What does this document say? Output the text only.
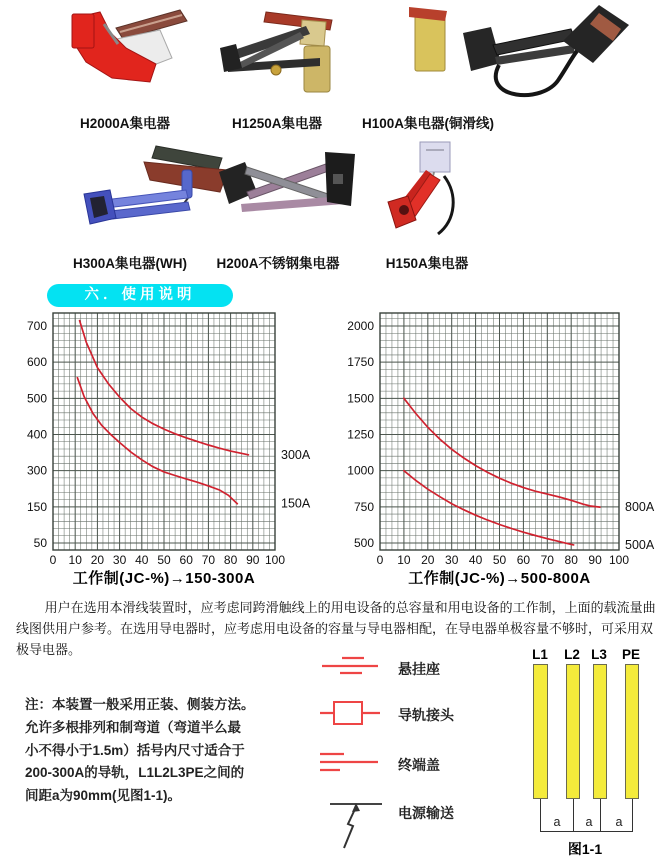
H2000A集电器	H1250A集电器	H100A集电器(铜滑线)
H300A集电器(WH)	H200A不锈钢集电器	H150A集电器
六．使用说明
300A
150A
50
150
300
400
500
600
700
0 10 20 30 40 50 60 70 80 90 100
工作制(JC-%)→150-300A
800A
500A
500
750
1000
1250
1500
1750
2000
0 10 20 30 40 50 60 70 80 90 100
工作制(JC-%)→500-800A
用户在选用本滑线装置时，应考虑同跨滑触线上的用电设备的总容量和用电设备的工作制，上面的载流量曲线图供用户参考。在选用导电器时，应考虑用电设备的容量与导电器相配，在导电器单极容量不够时，可采用双极导电器。
注：本装置一般采用正装、侧装方法。
允许多根排列和制弯道（弯道半么最
小不得小于1.5m）括号内尺寸适合于
200-300A的导轨，L1L2L3PE之间的
间距a为90mm(见图1-1)。
悬挂座
导轨接头
终端盖
电源输送
L1	L2 L3	PE
a	a	a
图1-1
